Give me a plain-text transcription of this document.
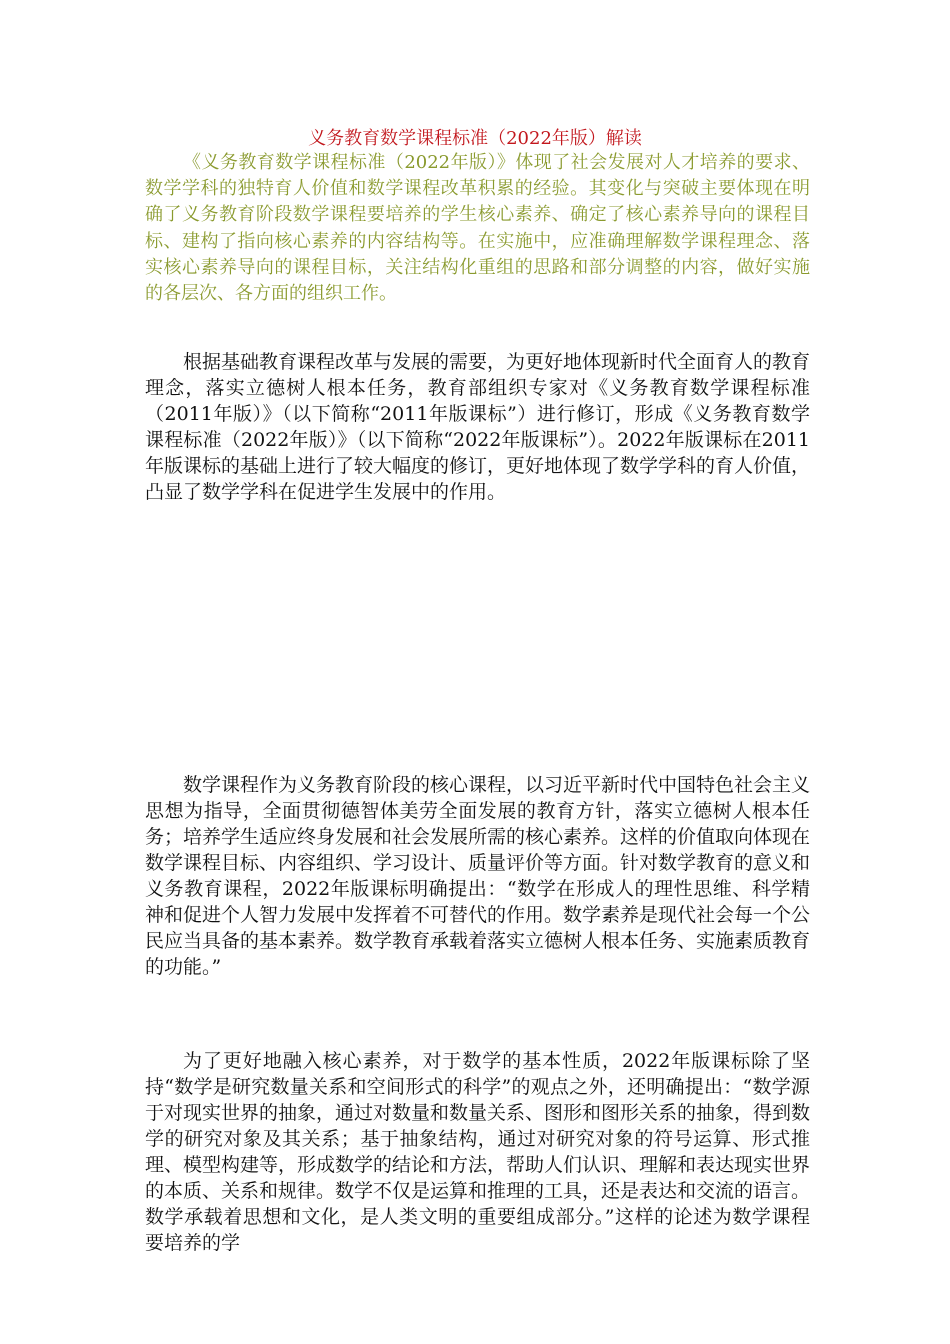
义务教育数学课程标准（2022年版）解读

《义务教育数学课程标准（2022年版）》体现了社会发展对人才培养的要求、数学学科的独特育人价值和数学课程改革积累的经验。其变化与突破主要体现在明确了义务教育阶段数学课程要培养的学生核心素养、确定了核心素养导向的课程目标、建构了指向核心素养的内容结构等。在实施中，应准确理解数学课程理念、落实核心素养导向的课程目标，关注结构化重组的思路和部分调整的内容，做好实施的各层次、各方面的组织工作。

根据基础教育课程改革与发展的需要，为更好地体现新时代全面育人的教育理念，落实立德树人根本任务，教育部组织专家对《义务教育数学课程标准（2011年版）》（以下简称“2011年版课标”）进行修订，形成《义务教育数学课程标准（2022年版）》（以下简称“2022年版课标”）。2022年版课标在2011年版课标的基础上进行了较大幅度的修订，更好地体现了数学学科的育人价值，凸显了数学学科在促进学生发展中的作用。

数学课程作为义务教育阶段的核心课程，以习近平新时代中国特色社会主义思想为指导，全面贯彻德智体美劳全面发展的教育方针，落实立德树人根本任务；培养学生适应终身发展和社会发展所需的核心素养。这样的价值取向体现在数学课程目标、内容组织、学习设计、质量评价等方面。针对数学教育的意义和义务教育课程，2022年版课标明确提出：“数学在形成人的理性思维、科学精神和促进个人智力发展中发挥着不可替代的作用。数学素养是现代社会每一个公民应当具备的基本素养。数学教育承载着落实立德树人根本任务、实施素质教育的功能。”

为了更好地融入核心素养，对于数学的基本性质，2022年版课标除了坚持“数学是研究数量关系和空间形式的科学”的观点之外，还明确提出：“数学源于对现实世界的抽象，通过对数量和数量关系、图形和图形关系的抽象，得到数学的研究对象及其关系；基于抽象结构，通过对研究对象的符号运算、形式推理、模型构建等，形成数学的结论和方法，帮助人们认识、理解和表达现实世界的本质、关系和规律。数学不仅是运算和推理的工具，还是表达和交流的语言。数学承载着思想和文化，是人类文明的重要组成部分。”这样的论述为数学课程要培养的学
